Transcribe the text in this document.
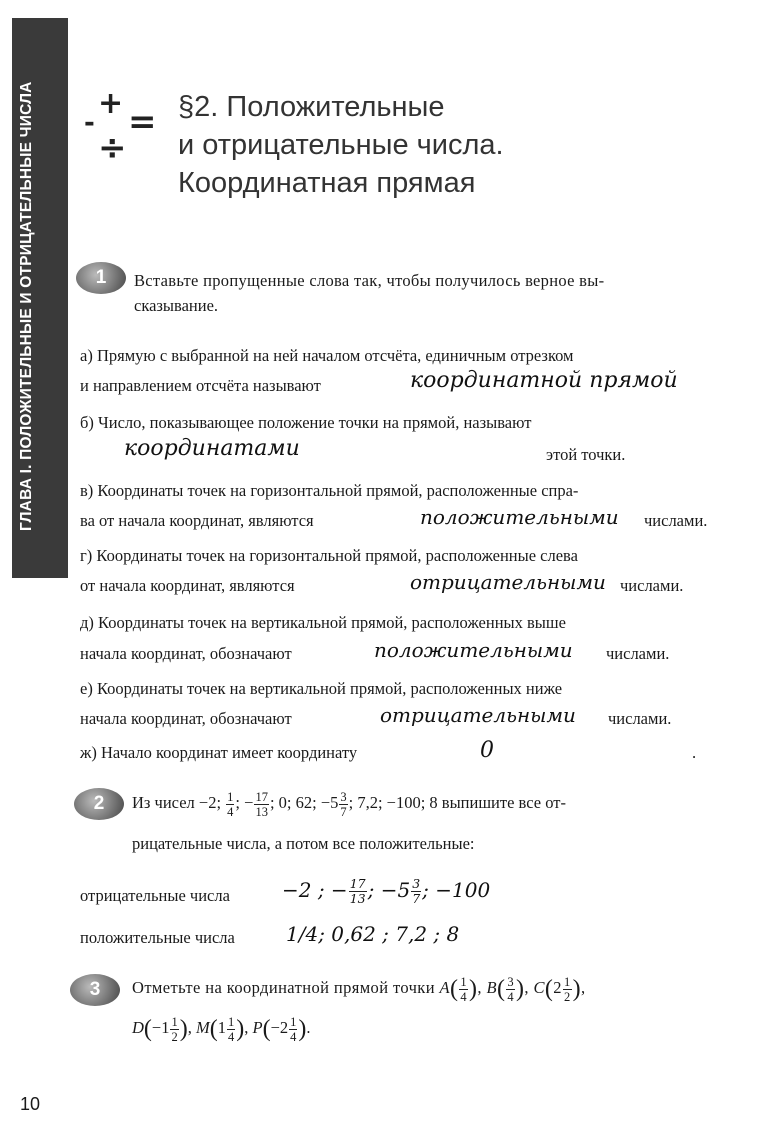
ГЛАВА I. ПОЛОЖИТЕЛЬНЫЕ И ОТРИЦАТЕЛЬНЫЕ ЧИСЛА	-
+ =
÷
§2. Положительные
и отрицательные числа.
Координатная прямая
1	Вставьте пропущенные слова так, чтобы получилось верное вы-
сказывание.
а) Прямую с выбранной на ней началом отсчёта, единичным отрезком
и направлением отсчёта называют	координатной прямой
б) Число, показывающее положение точки на прямой, называют
координатами	этой точки.
в) Координаты точек на горизонтальной прямой, расположенные спра-
ва от начала координат, являются	положительными числами.
г) Координаты точек на горизонтальной прямой, расположенные слева
от начала координат, являются	отрицательными числами.
д) Координаты точек на вертикальной прямой, расположенных выше
начала координат, обозначают	положительными числами.
е) Координаты точек на вертикальной прямой, расположенных ниже
начала координат, обозначают	отрицательными числами.
ж) Начало координат имеет координату	0	.
2	Из чисел −2; $\frac{1}{4}$ ; − $\frac{17}{13}$ ; 0; 62; $-5 \frac{3}{7}$ ; 7,2; −100; 8 выпишите все от-
рицательные числа, а потом все положительные:
отрицательные числа	−2 ; − $\frac{17}{13}$ ; $-5 \frac{3}{7}$ ; −100
положительные числа	1/4; 0,62 ; 7,2 ; 8
3	Отметьте на координатной прямой точки $A( \frac{1}{4}$ ), $B( \frac{3}{4}$ ), $C(2 \frac{1}{2}$ ),
$D(-1 \frac{1}{2}$ ), $M(1 \frac{1}{4}$ ), $P(-2 \frac{1}{4}$ ).
10
